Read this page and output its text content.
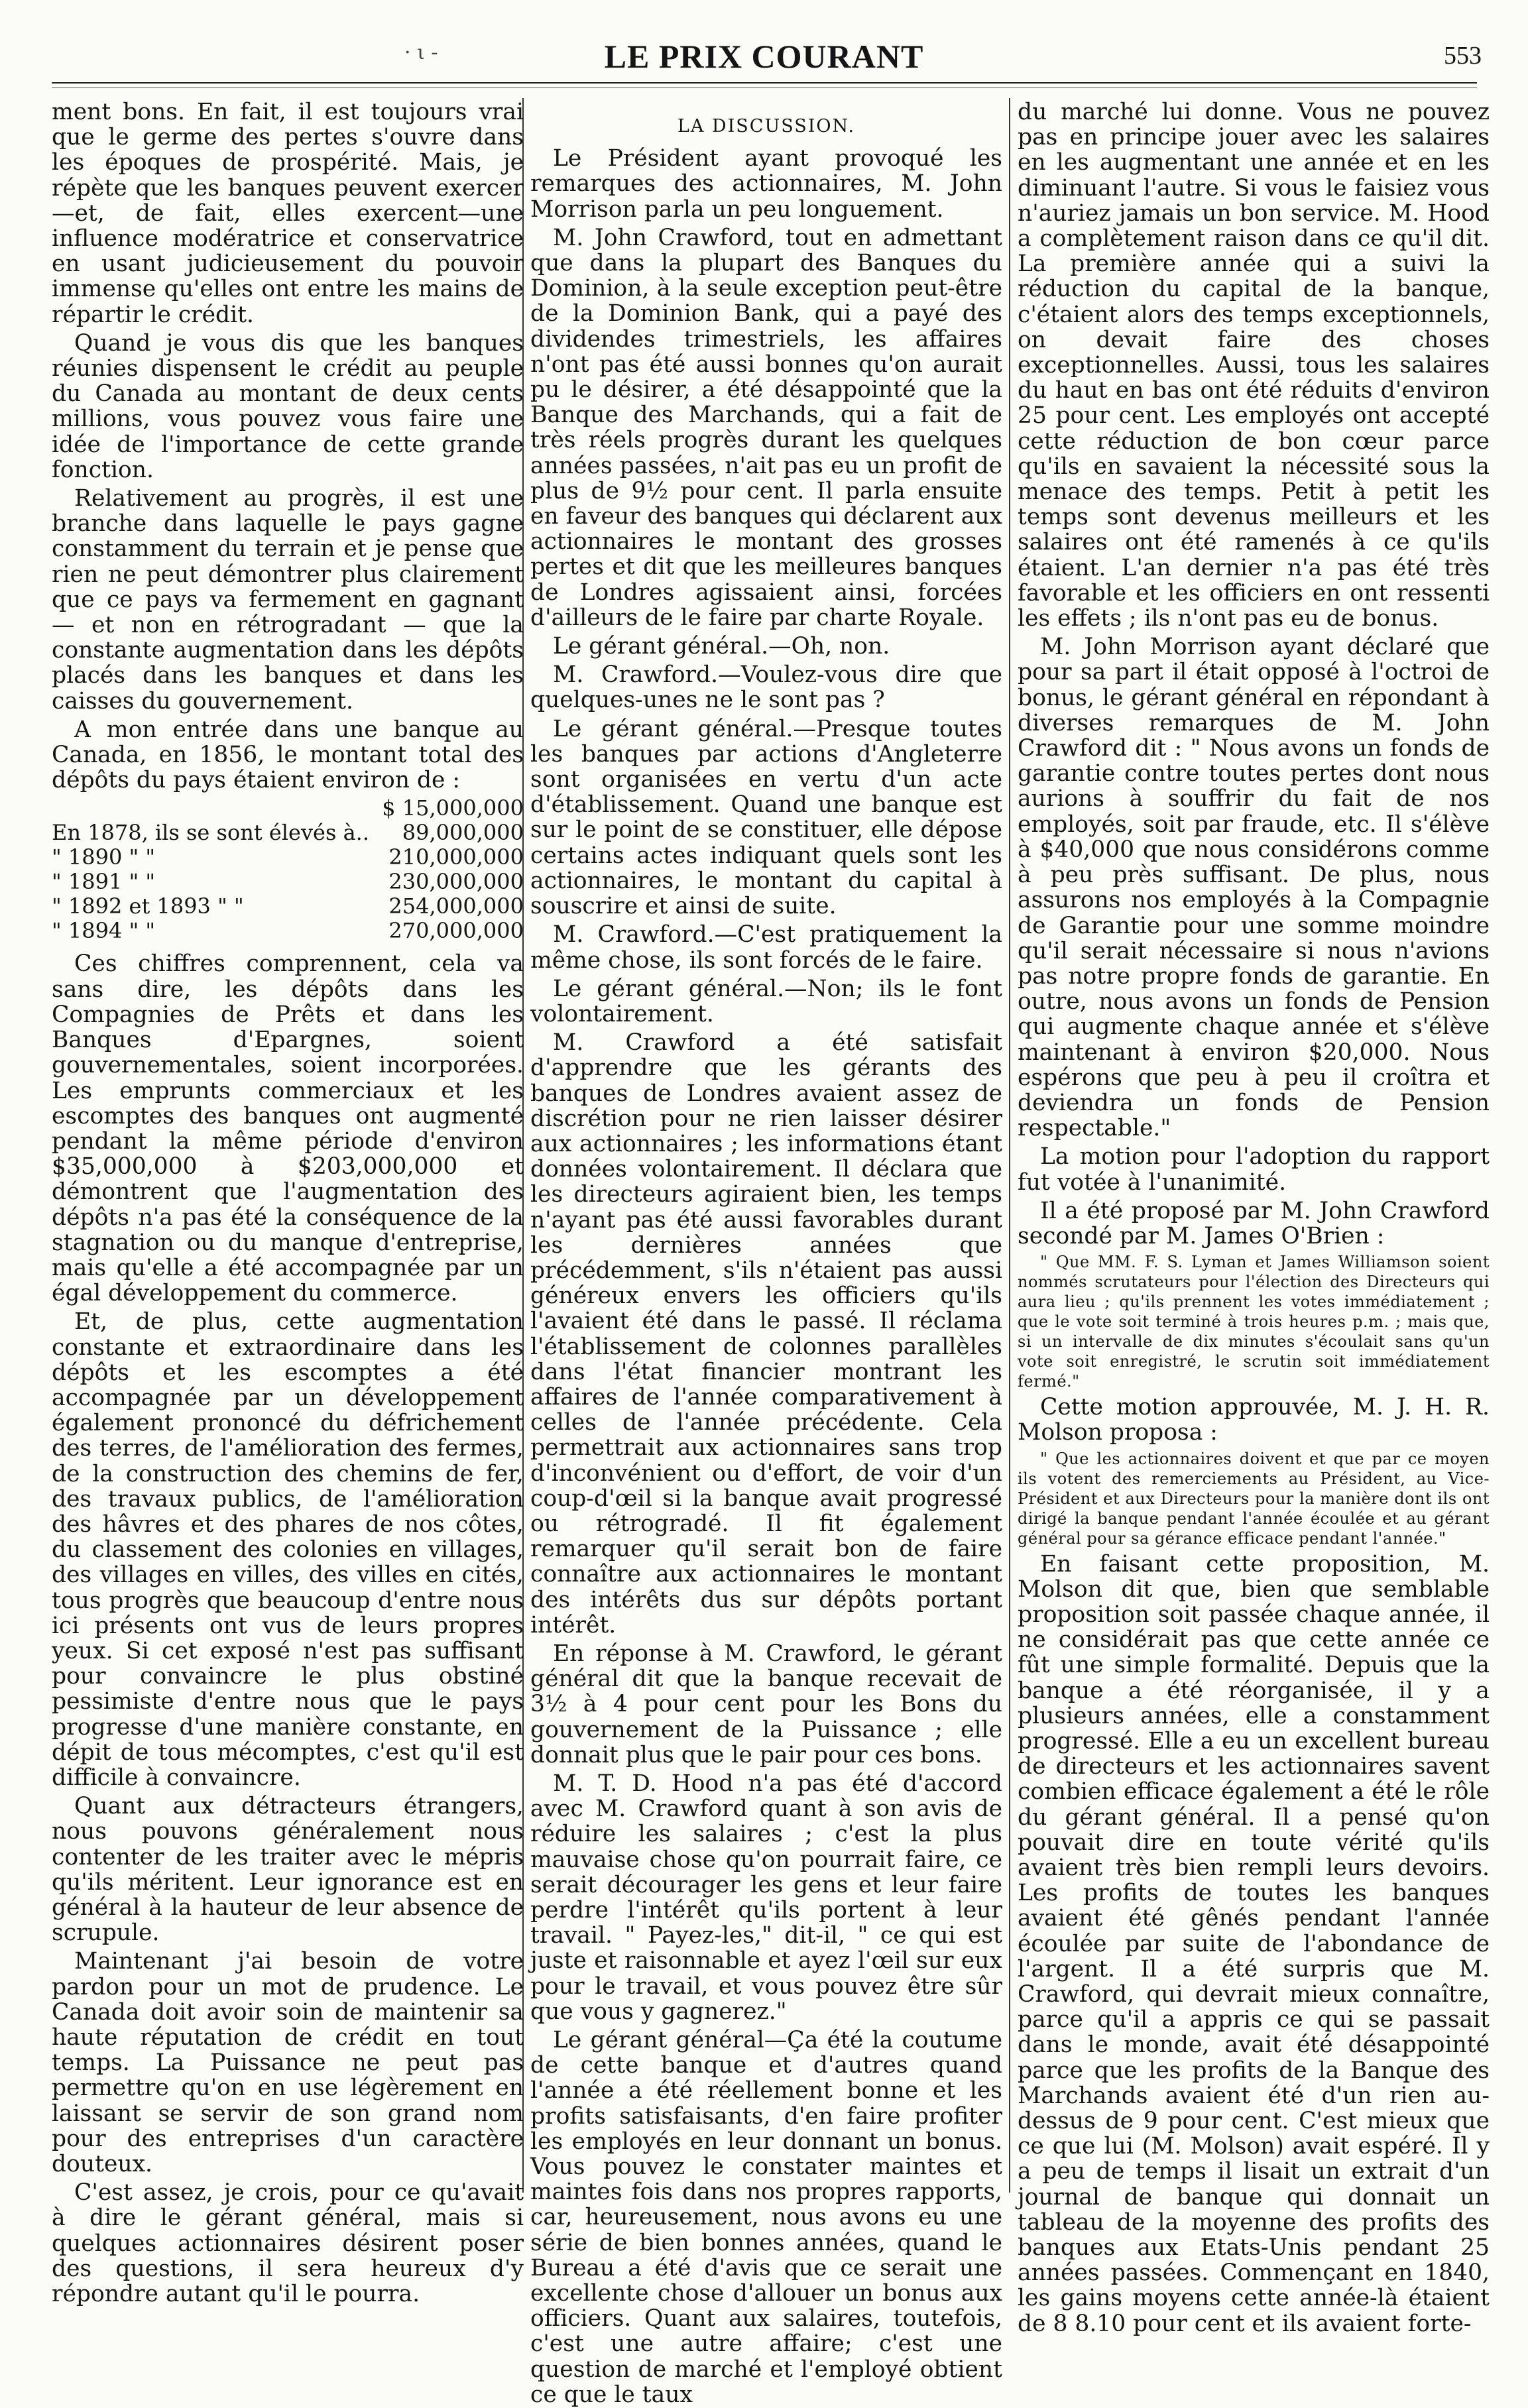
· ι -	LE PRIX COURANT	553

ment bons. En fait, il est toujours vrai que le germe des pertes s'ouvre dans les époques de prospérité. Mais, je répète que les banques peuvent exercer—et, de fait, elles exercent—une influence modératrice et conservatrice en usant judicieusement du pouvoir immense qu'elles ont entre les mains de répartir le crédit.

Quand je vous dis que les banques réunies dispensent le crédit au peuple du Canada au montant de deux cents millions, vous pouvez vous faire une idée de l'importance de cette grande fonction.

Relativement au progrès, il est une branche dans laquelle le pays gagne constamment du terrain et je pense que rien ne peut démontrer plus clairement que ce pays va fermement en gagnant — et non en rétrogradant — que la constante augmentation dans les dépôts placés dans les banques et dans les caisses du gouvernement.

A mon entrée dans une banque au Canada, en 1856, le montant total des dépôts du pays étaient environ de :

	$ 15,000,000
En 1878, ils se sont élevés à..	89,000,000
" 1890 " "	210,000,000
" 1891 " "	230,000,000
" 1892 et 1893 " "	254,000,000
" 1894 " "	270,000,000

Ces chiffres comprennent, cela va sans dire, les dépôts dans les Compagnies de Prêts et dans les Banques d'Epargnes, soient gouvernementales, soient incorporées. Les emprunts commerciaux et les escomptes des banques ont augmenté pendant la même période d'environ $35,000,000 à $203,000,000 et démontrent que l'augmentation des dépôts n'a pas été la conséquence de la stagnation ou du manque d'entreprise, mais qu'elle a été accompagnée par un égal développement du commerce.

Et, de plus, cette augmentation constante et extraordinaire dans les dépôts et les escomptes a été accompagnée par un développement également prononcé du défrichement des terres, de l'amélioration des fermes, de la construction des chemins de fer, des travaux publics, de l'amélioration des hâvres et des phares de nos côtes, du classement des colonies en villages, des villages en villes, des villes en cités, tous progrès que beaucoup d'entre nous ici présents ont vus de leurs propres yeux. Si cet exposé n'est pas suffisant pour convaincre le plus obstiné pessimiste d'entre nous que le pays progresse d'une manière constante, en dépit de tous mécomptes, c'est qu'il est difficile à convaincre.

Quant aux détracteurs étrangers, nous pouvons généralement nous contenter de les traiter avec le mépris qu'ils méritent. Leur ignorance est en général à la hauteur de leur absence de scrupule.

Maintenant j'ai besoin de votre pardon pour un mot de prudence. Le Canada doit avoir soin de maintenir sa haute réputation de crédit en tout temps. La Puissance ne peut pas permettre qu'on en use légèrement en laissant se servir de son grand nom pour des entreprises d'un caractère douteux.

C'est assez, je crois, pour ce qu'avait à dire le gérant général, mais si quelques actionnaires désirent poser des questions, il sera heureux d'y répondre autant qu'il le pourra.

LA DISCUSSION.

Le Président ayant provoqué les remarques des actionnaires, M. John Morrison parla un peu longuement.

M. John Crawford, tout en admettant que dans la plupart des Banques du Dominion, à la seule exception peut-être de la Dominion Bank, qui a payé des dividendes trimestriels, les affaires n'ont pas été aussi bonnes qu'on aurait pu le désirer, a été désappointé que la Banque des Marchands, qui a fait de très réels progrès durant les quelques années passées, n'ait pas eu un profit de plus de 9½ pour cent. Il parla ensuite en faveur des banques qui déclarent aux actionnaires le montant des grosses pertes et dit que les meilleures banques de Londres agissaient ainsi, forcées d'ailleurs de le faire par charte Royale.

Le gérant général.—Oh, non.

M. Crawford.—Voulez-vous dire que quelques-unes ne le sont pas ?

Le gérant général.—Presque toutes les banques par actions d'Angleterre sont organisées en vertu d'un acte d'établissement. Quand une banque est sur le point de se constituer, elle dépose certains actes indiquant quels sont les actionnaires, le montant du capital à souscrire et ainsi de suite.

M. Crawford.—C'est pratiquement la même chose, ils sont forcés de le faire.

Le gérant général.—Non; ils le font volontairement.

M. Crawford a été satisfait d'apprendre que les gérants des banques de Londres avaient assez de discrétion pour ne rien laisser désirer aux actionnaires ; les informations étant données volontairement. Il déclara que les directeurs agiraient bien, les temps n'ayant pas été aussi favorables durant les dernières années que précédemment, s'ils n'étaient pas aussi généreux envers les officiers qu'ils l'avaient été dans le passé. Il réclama l'établissement de colonnes parallèles dans l'état financier montrant les affaires de l'année comparativement à celles de l'année précédente. Cela permettrait aux actionnaires sans trop d'inconvénient ou d'effort, de voir d'un coup-d'œil si la banque avait progressé ou rétrogradé. Il fit également remarquer qu'il serait bon de faire connaître aux actionnaires le montant des intérêts dus sur dépôts portant intérêt.

En réponse à M. Crawford, le gérant général dit que la banque recevait de 3½ à 4 pour cent pour les Bons du gouvernement de la Puissance ; elle donnait plus que le pair pour ces bons.

M. T. D. Hood n'a pas été d'accord avec M. Crawford quant à son avis de réduire les salaires ; c'est la plus mauvaise chose qu'on pourrait faire, ce serait décourager les gens et leur faire perdre l'intérêt qu'ils portent à leur travail. " Payez-les," dit-il, " ce qui est juste et raisonnable et ayez l'œil sur eux pour le travail, et vous pouvez être sûr que vous y gagnerez."

Le gérant général—Ça été la coutume de cette banque et d'autres quand l'année a été réellement bonne et les profits satisfaisants, d'en faire profiter les employés en leur donnant un bonus. Vous pouvez le constater maintes et maintes fois dans nos propres rapports, car, heureusement, nous avons eu une série de bien bonnes années, quand le Bureau a été d'avis que ce serait une excellente chose d'allouer un bonus aux officiers. Quant aux salaires, toutefois, c'est une autre affaire; c'est une question de marché et l'employé obtient ce que le taux

du marché lui donne. Vous ne pouvez pas en principe jouer avec les salaires en les augmentant une année et en les diminuant l'autre. Si vous le faisiez vous n'auriez jamais un bon service. M. Hood a complètement raison dans ce qu'il dit. La première année qui a suivi la réduction du capital de la banque, c'étaient alors des temps exceptionnels, on devait faire des choses exceptionnelles. Aussi, tous les salaires du haut en bas ont été réduits d'environ 25 pour cent. Les employés ont accepté cette réduction de bon cœur parce qu'ils en savaient la nécessité sous la menace des temps. Petit à petit les temps sont devenus meilleurs et les salaires ont été ramenés à ce qu'ils étaient. L'an dernier n'a pas été très favorable et les officiers en ont ressenti les effets ; ils n'ont pas eu de bonus.

M. John Morrison ayant déclaré que pour sa part il était opposé à l'octroi de bonus, le gérant général en répondant à diverses remarques de M. John Crawford dit : " Nous avons un fonds de garantie contre toutes pertes dont nous aurions à souffrir du fait de nos employés, soit par fraude, etc. Il s'élève à $40,000 que nous considérons comme à peu près suffisant. De plus, nous assurons nos employés à la Compagnie de Garantie pour une somme moindre qu'il serait nécessaire si nous n'avions pas notre propre fonds de garantie. En outre, nous avons un fonds de Pension qui augmente chaque année et s'élève maintenant à environ $20,000. Nous espérons que peu à peu il croîtra et deviendra un fonds de Pension respectable."

La motion pour l'adoption du rapport fut votée à l'unanimité.

Il a été proposé par M. John Crawford secondé par M. James O'Brien :

" Que MM. F. S. Lyman et James Williamson soient nommés scrutateurs pour l'élection des Directeurs qui aura lieu ; qu'ils prennent les votes immédiatement ; que le vote soit terminé à trois heures p.m. ; mais que, si un intervalle de dix minutes s'écoulait sans qu'un vote soit enregistré, le scrutin soit immédiatement fermé."

Cette motion approuvée, M. J. H. R. Molson proposa :

" Que les actionnaires doivent et que par ce moyen ils votent des remerciements au Président, au Vice-Président et aux Directeurs pour la manière dont ils ont dirigé la banque pendant l'année écoulée et au gérant général pour sa gérance efficace pendant l'année."

En faisant cette proposition, M. Molson dit que, bien que semblable proposition soit passée chaque année, il ne considérait pas que cette année ce fût une simple formalité. Depuis que la banque a été réorganisée, il y a plusieurs années, elle a constamment progressé. Elle a eu un excellent bureau de directeurs et les actionnaires savent combien efficace également a été le rôle du gérant général. Il a pensé qu'on pouvait dire en toute vérité qu'ils avaient très bien rempli leurs devoirs. Les profits de toutes les banques avaient été gênés pendant l'année écoulée par suite de l'abondance de l'argent. Il a été surpris que M. Crawford, qui devrait mieux connaître, parce qu'il a appris ce qui se passait dans le monde, avait été désappointé parce que les profits de la Banque des Marchands avaient été d'un rien au-dessus de 9 pour cent. C'est mieux que ce que lui (M. Molson) avait espéré. Il y a peu de temps il lisait un extrait d'un journal de banque qui donnait un tableau de la moyenne des profits des banques aux Etats-Unis pendant 25 années passées. Commençant en 1840, les gains moyens cette année-là étaient de 8 8.10 pour cent et ils avaient forte-
